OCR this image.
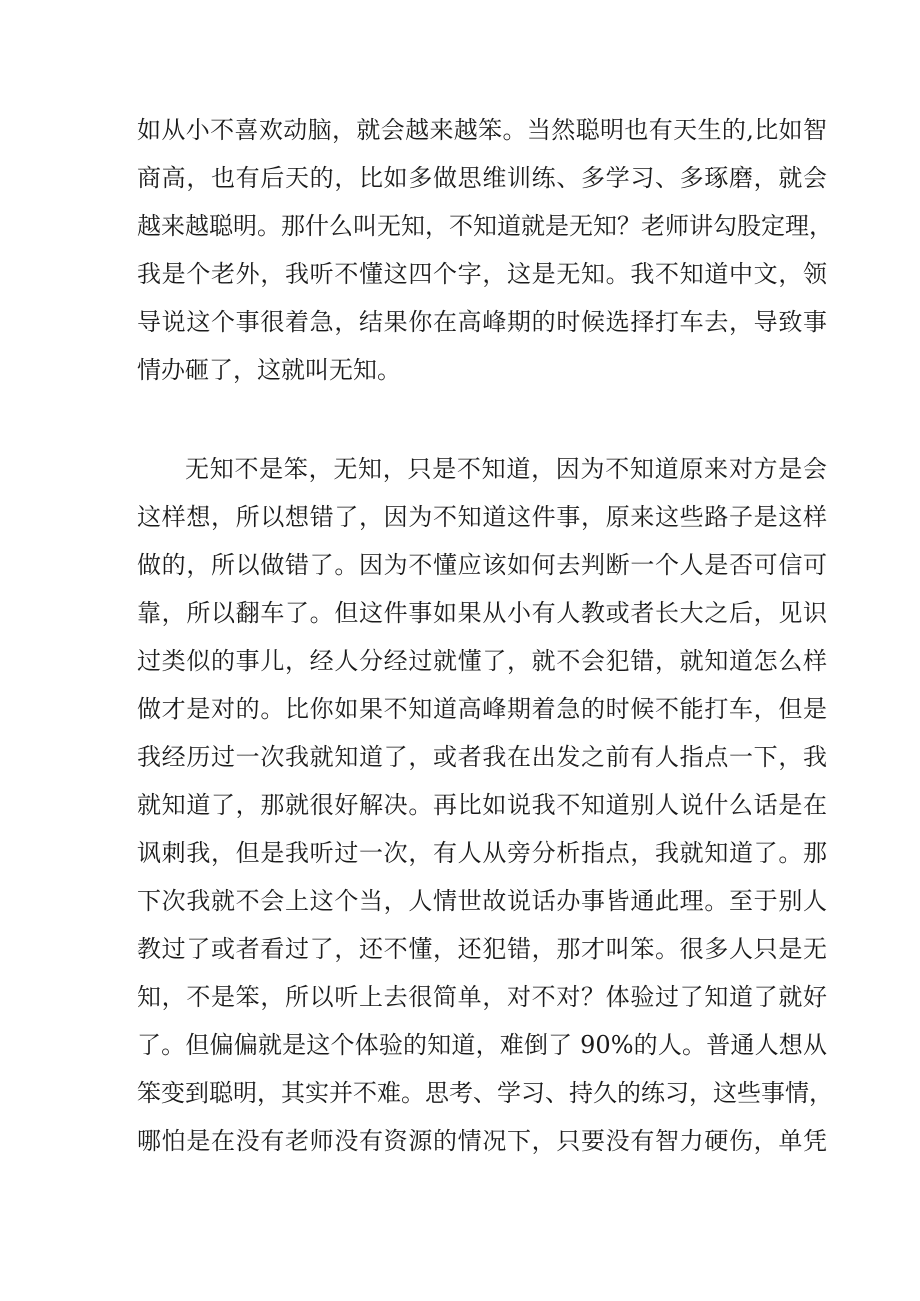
如从小不喜欢动脑，就会越来越笨。当然聪明也有天生的,比如智
商高，也有后天的，比如多做思维训练、多学习、多琢磨，就会
越来越聪明。那什么叫无知，不知道就是无知？老师讲勾股定理，
我是个老外，我听不懂这四个字，这是无知。我不知道中文，领
导说这个事很着急，结果你在高峰期的时候选择打车去，导致事
情办砸了，这就叫无知。
无知不是笨，无知，只是不知道，因为不知道原来对方是会
这样想，所以想错了，因为不知道这件事，原来这些路子是这样
做的，所以做错了。因为不懂应该如何去判断一个人是否可信可
靠，所以翻车了。但这件事如果从小有人教或者长大之后，见识
过类似的事儿，经人分经过就懂了，就不会犯错，就知道怎么样
做才是对的。比你如果不知道高峰期着急的时候不能打车，但是
我经历过一次我就知道了，或者我在出发之前有人指点一下，我
就知道了，那就很好解决。再比如说我不知道别人说什么话是在
讽刺我，但是我听过一次，有人从旁分析指点，我就知道了。那
下次我就不会上这个当，人情世故说话办事皆通此理。至于别人
教过了或者看过了，还不懂，还犯错，那才叫笨。很多人只是无
知，不是笨，所以听上去很简单，对不对？体验过了知道了就好
了。但偏偏就是这个体验的知道，难倒了 90%的人。普通人想从
笨变到聪明，其实并不难。思考、学习、持久的练习，这些事情，
哪怕是在没有老师没有资源的情况下，只要没有智力硬伤，单凭
